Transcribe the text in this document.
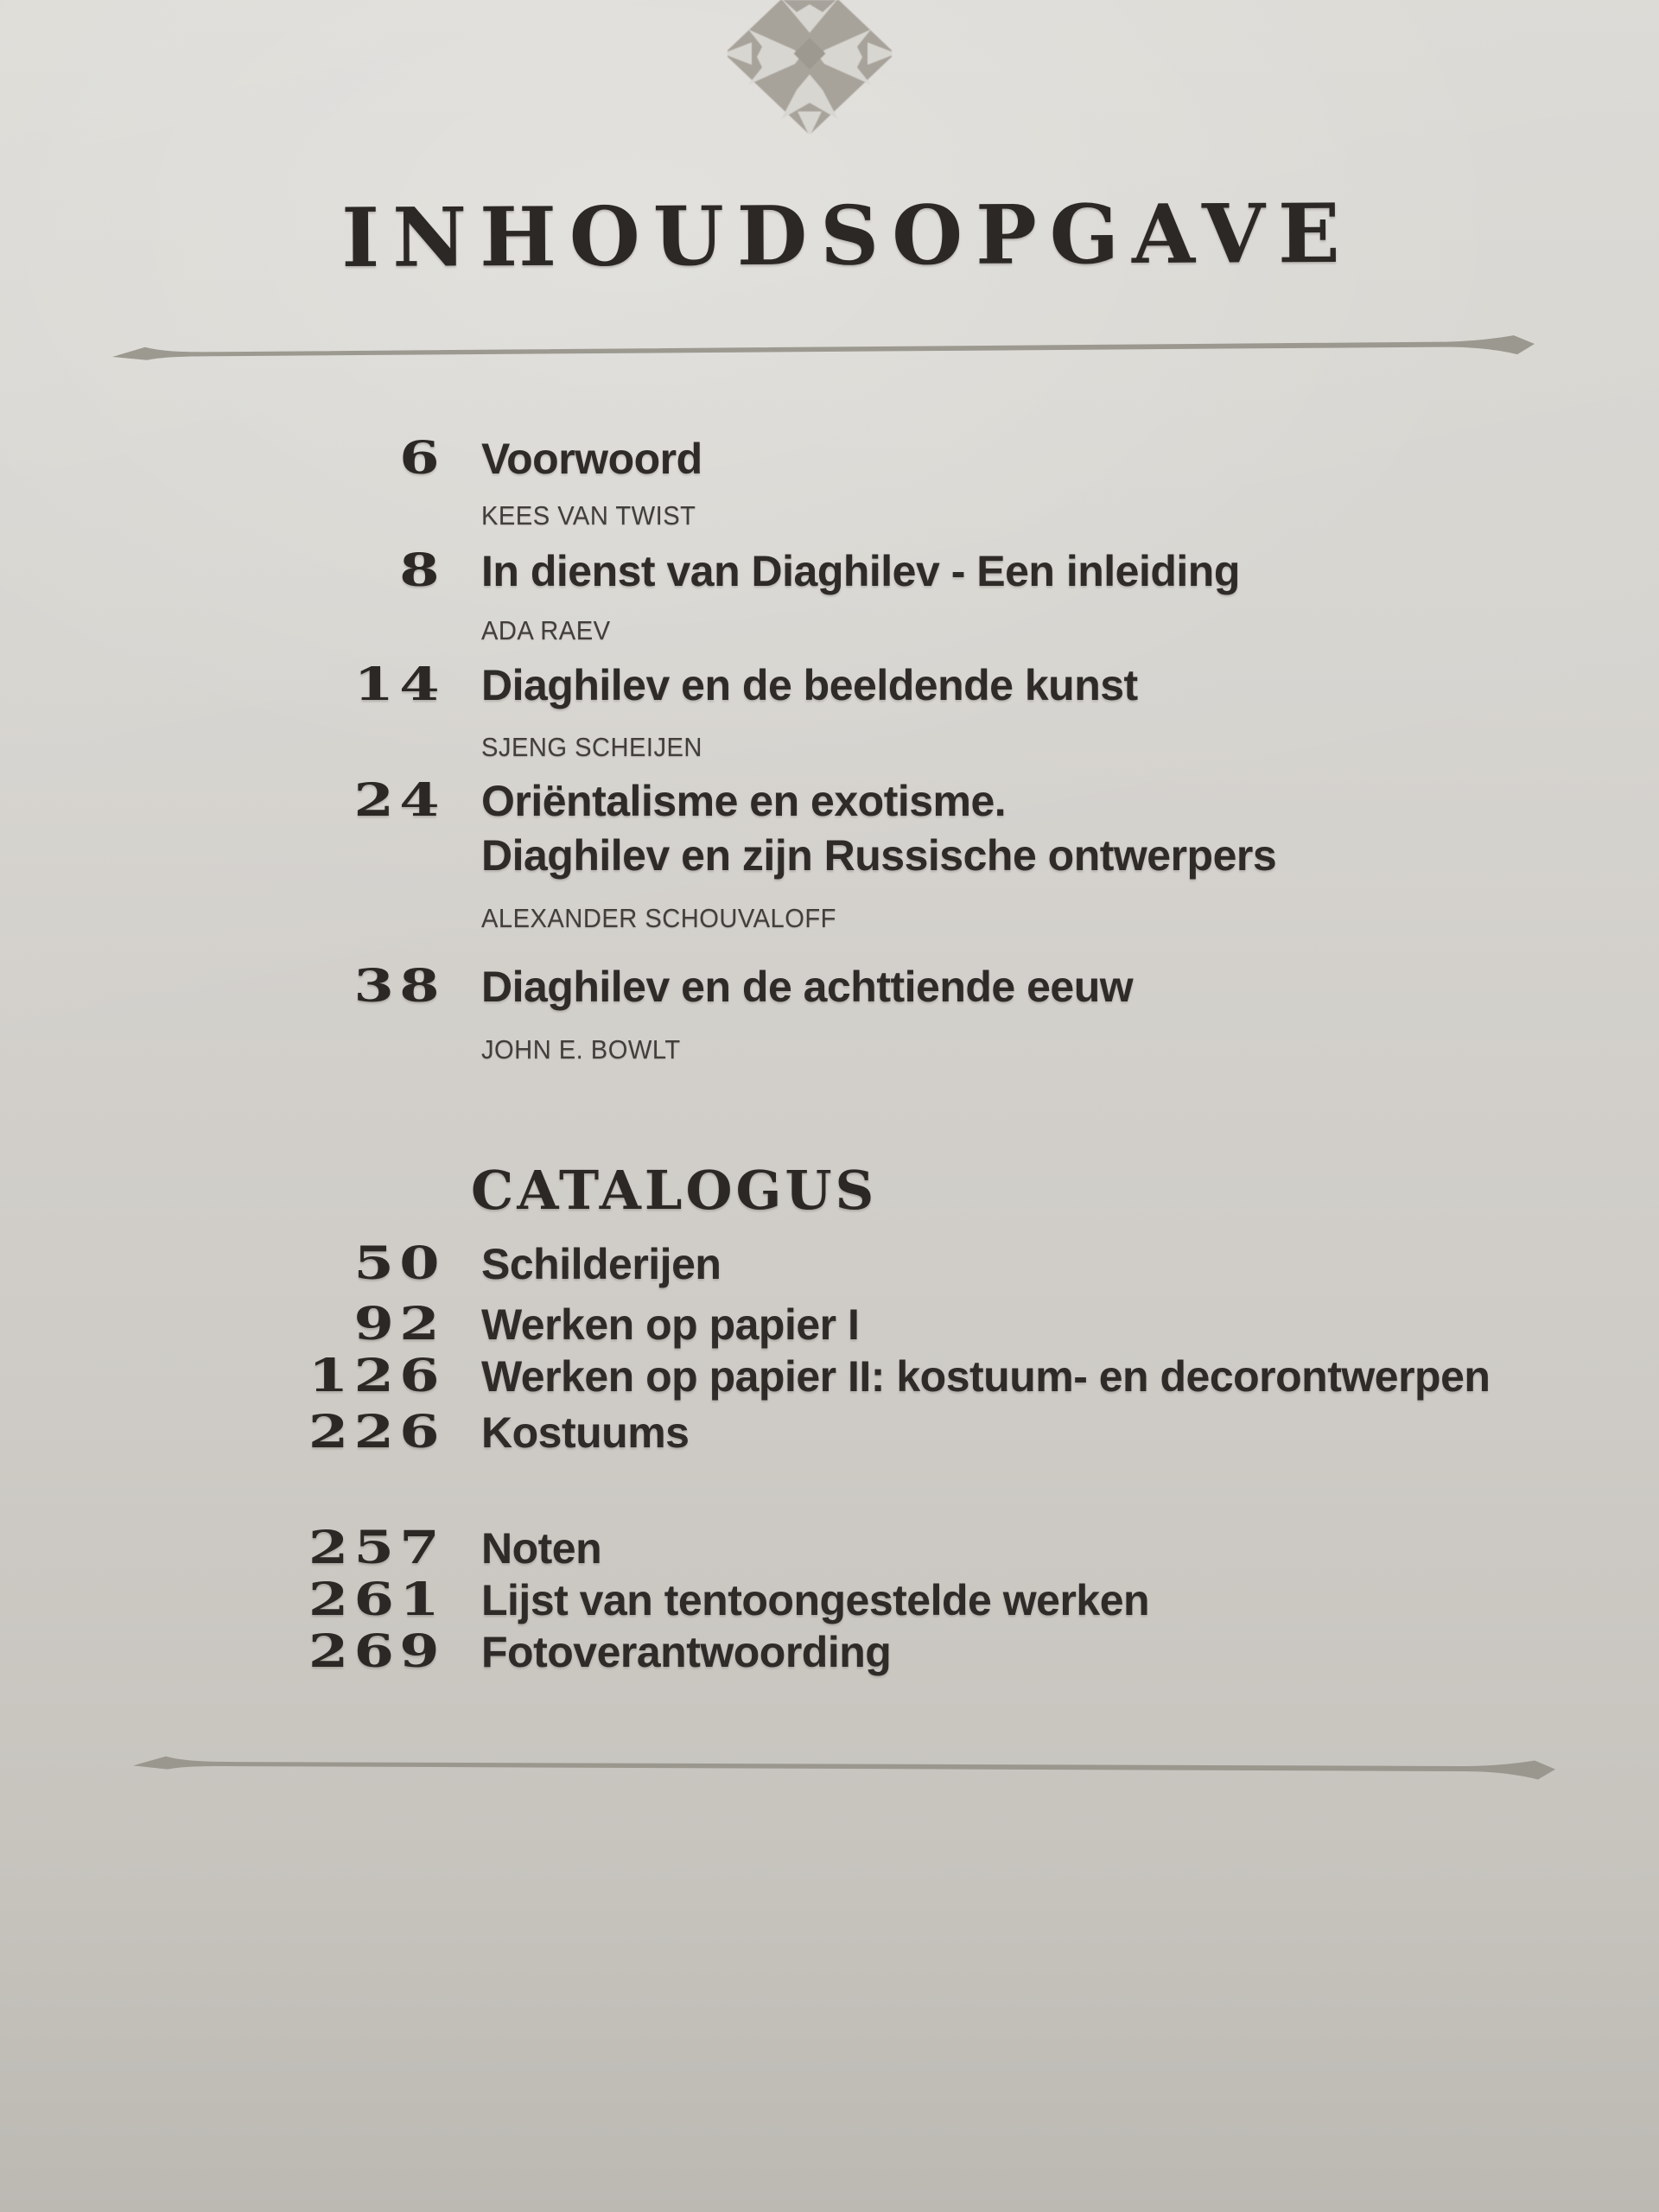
INHOUDSOPGAVE
6 Voorwoord
KEES VAN TWIST
8 In dienst van Diaghilev - Een inleiding
ADA RAEV
14 Diaghilev en de beeldende kunst
SJENG SCHEIJEN
24 Oriëntalisme en exotisme.
Diaghilev en zijn Russische ontwerpers
ALEXANDER SCHOUVALOFF
38 Diaghilev en de achttiende eeuw
JOHN E. BOWLT
CATALOGUS
50 Schilderijen
92 Werken op papier I
126 Werken op papier II: kostuum- en decorontwerpen
226 Kostuums
257 Noten
261 Lijst van tentoongestelde werken
269 Fotoverantwoording
